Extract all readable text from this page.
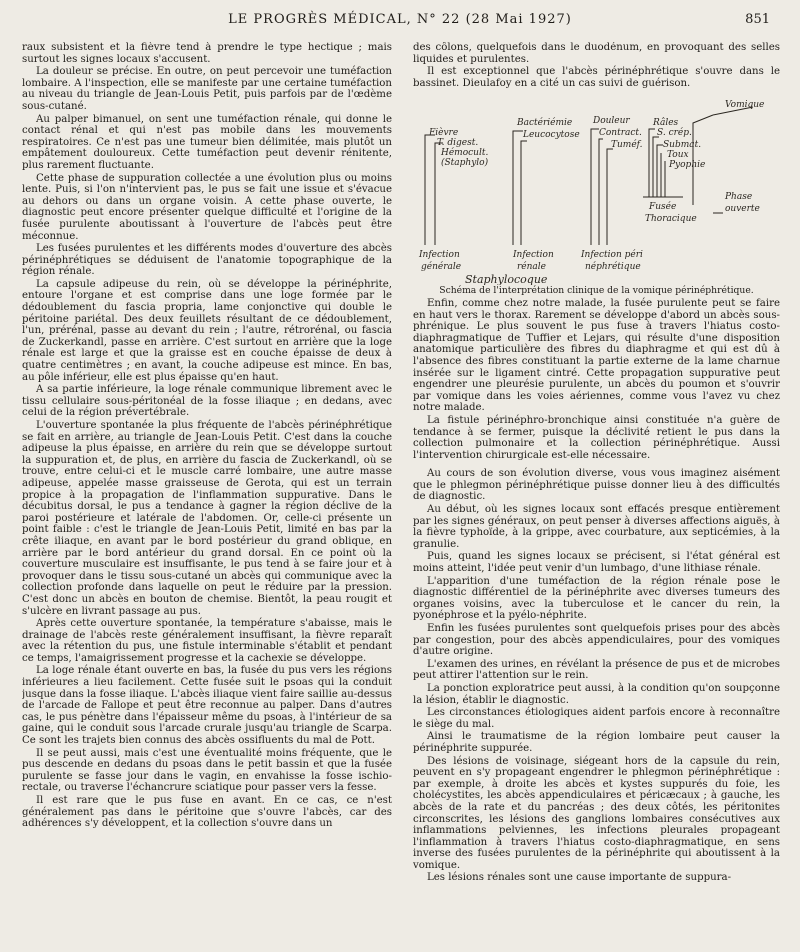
LE PROGRÈS MÉDICAL, N° 22 (28 Mai 1927)	851

raux subsistent et la fièvre tend à prendre le type hectique ; mais surtout les signes locaux s'accusent.

La douleur se précise. En outre, on peut percevoir une tuméfaction lombaire. A l'inspection, elle se manifeste par une certaine tuméfaction au niveau du triangle de Jean-Louis Petit, puis parfois par de l'œdème sous-cutané.

Au palper bimanuel, on sent une tuméfaction rénale, qui donne le contact rénal et qui n'est pas mobile dans les mouvements respiratoires. Ce n'est pas une tumeur bien délimitée, mais plutôt un empâtement douloureux. Cette tuméfaction peut devenir rénitente, plus rarement fluctuante.

Cette phase de suppuration collectée a une évolution plus ou moins lente. Puis, si l'on n'intervient pas, le pus se fait une issue et s'évacue au dehors ou dans un organe voisin. A cette phase ouverte, le diagnostic peut encore présenter quelque difficulté et l'origine de la fusée purulente aboutissant à l'ouverture de l'abcès peut être méconnue.

Les fusées purulentes et les différents modes d'ouverture des abcès périnéphrétiques se déduisent de l'anatomie topographique de la région rénale.

La capsule adipeuse du rein, où se développe la périnéphrite, entoure l'organe et est comprise dans une loge formée par le dédoublement du fascia propria, lame conjonctive qui double le péritoine pariétal. Des deux feuillets résultant de ce dédoublement, l'un, prérénal, passe au devant du rein ; l'autre, rétrorénal, ou fascia de Zuckerkandl, passe en arrière. C'est surtout en arrière que la loge rénale est large et que la graisse est en couche épaisse de deux à quatre centimètres ; en avant, la couche adipeuse est mince. En bas, au pôle inférieur, elle est plus épaisse qu'en haut.

A sa partie inférieure, la loge rénale communique librement avec le tissu cellulaire sous-péritonéal de la fosse iliaque ; en dedans, avec celui de la région prévertébrale.

L'ouverture spontanée la plus fréquente de l'abcès périnéphrétique se fait en arrière, au triangle de Jean-Louis Petit. C'est dans la couche adipeuse la plus épaisse, en arrière du rein que se développe surtout la suppuration et, de plus, en arrière du fascia de Zuckerkandl, où se trouve, entre celui-ci et le muscle carré lombaire, une autre masse adipeuse, appelée masse graisseuse de Gerota, qui est un terrain propice à la propagation de l'inflammation suppurative. Dans le décubitus dorsal, le pus a tendance à gagner la région déclive de la paroi postérieure et latérale de l'abdomen. Or, celle-ci présente un point faible : c'est le triangle de Jean-Louis Petit, limité en bas par la crête iliaque, en avant par le bord postérieur du grand oblique, en arrière par le bord antérieur du grand dorsal. En ce point où la couverture musculaire est insuffisante, le pus tend à se faire jour et à provoquer dans le tissu sous-cutané un abcès qui communique avec la collection profonde dans laquelle on peut le réduire par la pression. C'est donc un abcès en bouton de chemise. Bientôt, la peau rougit et s'ulcère en livrant passage au pus.

Après cette ouverture spontanée, la température s'abaisse, mais le drainage de l'abcès reste généralement insuffisant, la fièvre reparaît avec la rétention du pus, une fistule interminable s'établit et pendant ce temps, l'amaigrissement progresse et la cachexie se développe.

La loge rénale étant ouverte en bas, la fusée du pus vers les régions inférieures a lieu facilement. Cette fusée suit le psoas qui la conduit jusque dans la fosse iliaque. L'abcès iliaque vient faire saillie au-dessus de l'arcade de Fallope et peut être reconnue au palper. Dans d'autres cas, le pus pénètre dans l'épaisseur même du psoas, à l'intérieur de sa gaine, qui le conduit sous l'arcade crurale jusqu'au triangle de Scarpa. Ce sont les trajets bien connus des abcès ossifluents du mal de Pott.

Il se peut aussi, mais c'est une éventualité moins fréquente, que le pus descende en dedans du psoas dans le petit bassin et que la fusée purulente se fasse jour dans le vagin, en envahisse la fosse ischio-rectale, ou traverse l'échancrure sciatique pour passer vers la fesse.

Il est rare que le pus fuse en avant. En ce cas, ce n'est généralement pas dans le péritoine que s'ouvre l'abcès, car des adhérences s'y développent, et la collection s'ouvre dans un

des côlons, quelquefois dans le duodénum, en provoquant des selles liquides et purulentes.

Il est exceptionnel que l'abcès périnéphrétique s'ouvre dans le bassinet. Dieulafoy en a cité un cas suivi de guérison.

Fièvre
T. digest.
Hémocult.
(Staphylo)
Bactériémie
Leucocytose
Douleur
Contract.
Tuméf.
Râles
S. crép.
Submat.
Toux
Pyophie
Vomique
Fusée
Thoracique
Phase
ouverte
Infection
générale
Infection
rénale
Infection péri
néphrétique
Staphylocoque

Schéma de l'interprétation clinique de la vomique périnéphrétique.

Enfin, comme chez notre malade, la fusée purulente peut se faire en haut vers le thorax. Rarement se développe d'abord un abcès sous-phrénique. Le plus souvent le pus fuse à travers l'hiatus costo-diaphragmatique de Tuffier et Lejars, qui résulte d'une disposition anatomique particulière des fibres du diaphragme et qui est dû à l'absence des fibres constituant la partie externe de la lame charnue insérée sur le ligament cintré. Cette propagation suppurative peut engendrer une pleurésie purulente, un abcès du poumon et s'ouvrir par vomique dans les voies aériennes, comme vous l'avez vu chez notre malade.

La fistule périnéphro-bronchique ainsi constituée n'a guère de tendance à se fermer, puisque la déclivité retient le pus dans la collection pulmonaire et la collection périnéphrétique. Aussi l'intervention chirurgicale est-elle nécessaire.

Au cours de son évolution diverse, vous vous imaginez aisément que le phlegmon périnéphrétique puisse donner lieu à des difficultés de diagnostic.

Au début, où les signes locaux sont effacés presque entièrement par les signes généraux, on peut penser à diverses affections aiguës, à la fièvre typhoïde, à la grippe, avec courbature, aux septicémies, à la granulie.

Puis, quand les signes locaux se précisent, si l'état général est moins atteint, l'idée peut venir d'un lumbago, d'une lithiase rénale.

L'apparition d'une tuméfaction de la région rénale pose le diagnostic différentiel de la périnéphrite avec diverses tumeurs des organes voisins, avec la tuberculose et le cancer du rein, la pyonéphrose et la pyélo-néphrite.

Enfin les fusées purulentes sont quelquefois prises pour des abcès par congestion, pour des abcès appendiculaires, pour des vomiques d'autre origine.

L'examen des urines, en révélant la présence de pus et de microbes peut attirer l'attention sur le rein.

La ponction exploratrice peut aussi, à la condition qu'on soupçonne la lésion, établir le diagnostic.

Les circonstances étiologiques aident parfois encore à reconnaître le siège du mal.

Ainsi le traumatisme de la région lombaire peut causer la périnéphrite suppurée.

Des lésions de voisinage, siégeant hors de la capsule du rein, peuvent en s'y propageant engendrer le phlegmon périnéphrétique : par exemple, à droite les abcès et kystes suppurés du foie, les cholécystites, les abcès appendiculaires et péricæcaux ; à gauche, les abcès de la rate et du pancréas ; des deux côtés, les péritonites circonscrites, les lésions des ganglions lombaires consécutives aux inflammations pelviennes, les infections pleurales propageant l'inflammation à travers l'hiatus costo-diaphragmatique, en sens inverse des fusées purulentes de la périnéphrite qui aboutissent à la vomique.

Les lésions rénales sont une cause importante de suppura-
